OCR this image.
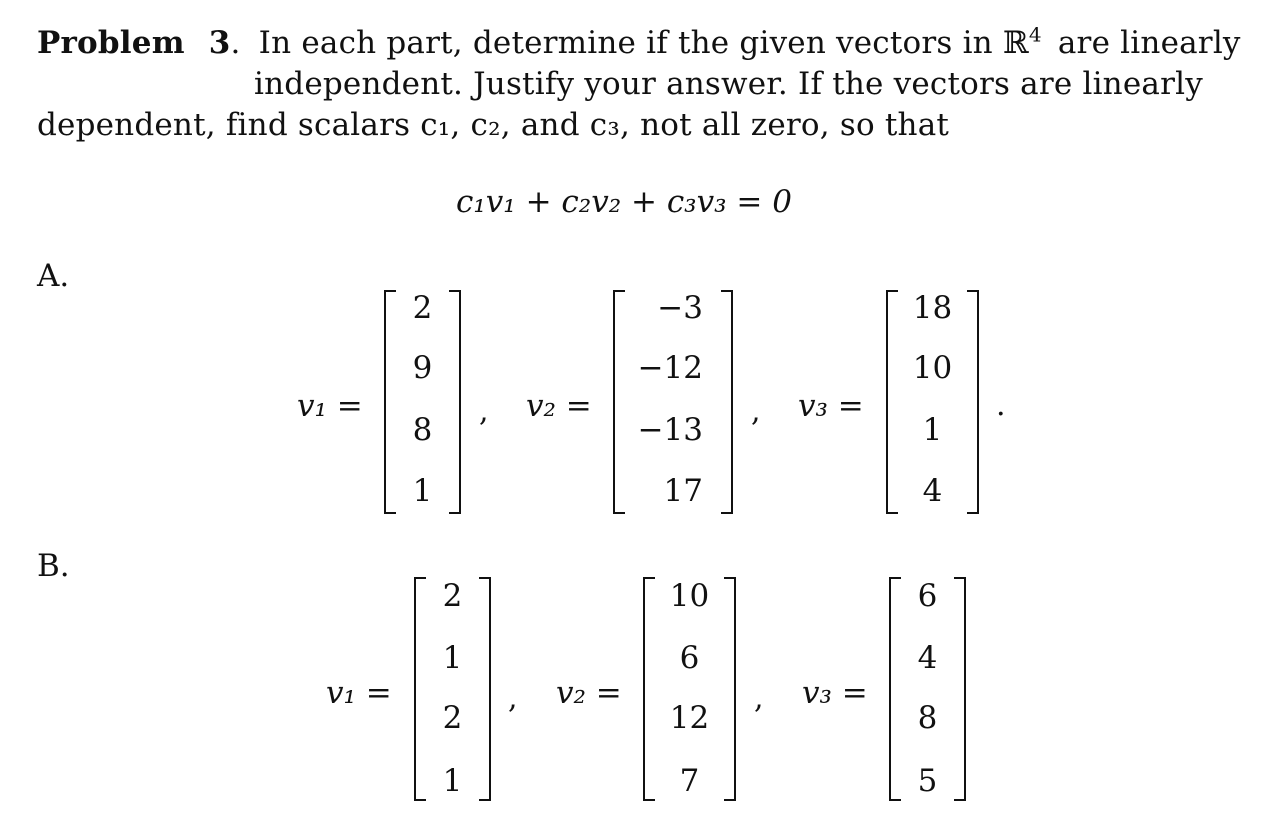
Problem 3. In each part, determine if the given vectors in ℝ$^4$ are linearly
independent. Justify your answer. If the vectors are linearly
dependent, find scalars c₁, c₂, and c₃, not all zero, so that
c₁v₁ + c₂v₂ + c₃v₃ = 0
A.
v₁ =
2
9
8
1
, v₂ =
−3
−12
−13
17
, v₃ =
18
10
1
4
.
B.
v₁ =
2
1
2
1
, v₂ =
10
6
12
7
, v₃ =
6
4
8
5
